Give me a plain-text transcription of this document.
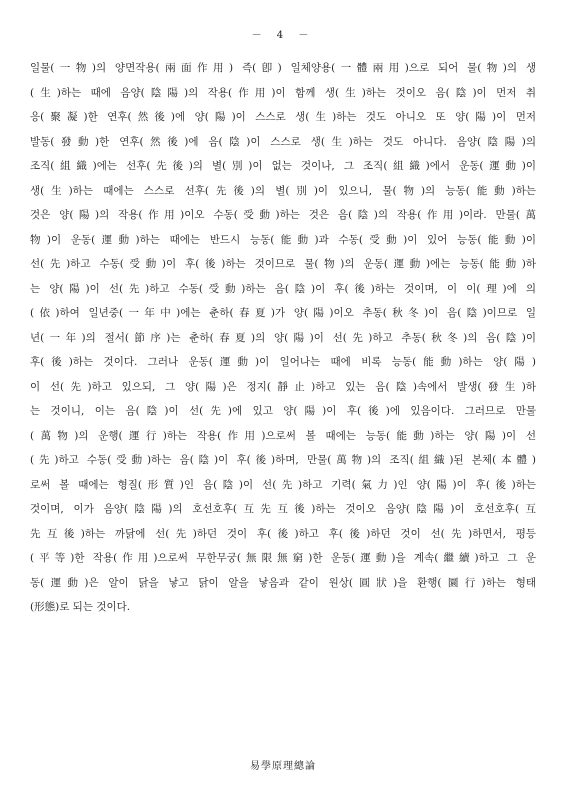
－ 4 －
일물(一物)의 양면작용(兩面作用) 즉(卽) 일체양용(一體兩用)으로 되어 물(物)의 생
(生)하는 때에 음양(陰陽)의 작용(作用)이 함께 생(生)하는 것이오 음(陰)이 먼저 취
응(聚凝)한 연후(然後)에 양(陽)이 스스로 생(生)하는 것도 아니오 또 양(陽)이 먼저
발동(發動)한 연후(然後)에 음(陰)이 스스로 생(生)하는 것도 아니다. 음양(陰陽)의
조직(組織)에는 선후(先後)의 별(別)이 없는 것이나, 그 조직(組織)에서 운동(運動)이
생(生)하는 때에는 스스로 선후(先後)의 별(別)이 있으니, 물(物)의 능동(能動)하는
것은 양(陽)의 작용(作用)이오 수동(受動)하는 것은 음(陰)의 작용(作用)이라. 만물(萬
物)이 운동(運動)하는 때에는 반드시 능동(能動)과 수동(受動)이 있어 능동(能動)이
선(先)하고 수동(受動)이 후(後)하는 것이므로 물(物)의 운동(運動)에는 능동(能動)하
는 양(陽)이 선(先)하고 수동(受動)하는 음(陰)이 후(後)하는 것이며, 이 이(理)에 의
(依)하여 일년중(一年中)에는 춘하(春夏)가 양(陽)이오 추동(秋冬)이 음(陰)이므로 일
년(一年)의 절서(節序)는 춘하(春夏)의 양(陽)이 선(先)하고 추동(秋冬)의 음(陰)이
후(後)하는 것이다. 그러나 운동(運動)이 일어나는 때에 비록 능동(能動)하는 양(陽)
이 선(先)하고 있으되, 그 양(陽)은 정지(靜止)하고 있는 음(陰)속에서 발생(發生)하
는 것이니, 이는 음(陰)이 선(先)에 있고 양(陽)이 후(後)에 있음이다. 그러므로 만물
(萬物)의 운행(運行)하는 작용(作用)으로써 볼 때에는 능동(能動)하는 양(陽)이 선
(先)하고 수동(受動)하는 음(陰)이 후(後)하며, 만물(萬物)의 조직(組織)된 본체(本體)
로써 볼 때에는 형질(形質)인 음(陰)이 선(先)하고 기력(氣力)인 양(陽)이 후(後)하는
것이며, 이가 음양(陰陽)의 호선호후(互先互後)하는 것이오 음양(陰陽)이 호선호후(互
先互後)하는 까닭에 선(先)하던 것이 후(後)하고 후(後)하던 것이 선(先)하면서, 평등
(平等)한 작용(作用)으로써 무한무궁(無限無窮)한 운동(運動)을 계속(繼續)하고 그 운
동(運動)은 알이 닭을 낳고 닭이 알을 낳음과 같이 원상(圓狀)을 환행(圜行)하는 형태
(形態)로 되는 것이다.
易學原理總論
